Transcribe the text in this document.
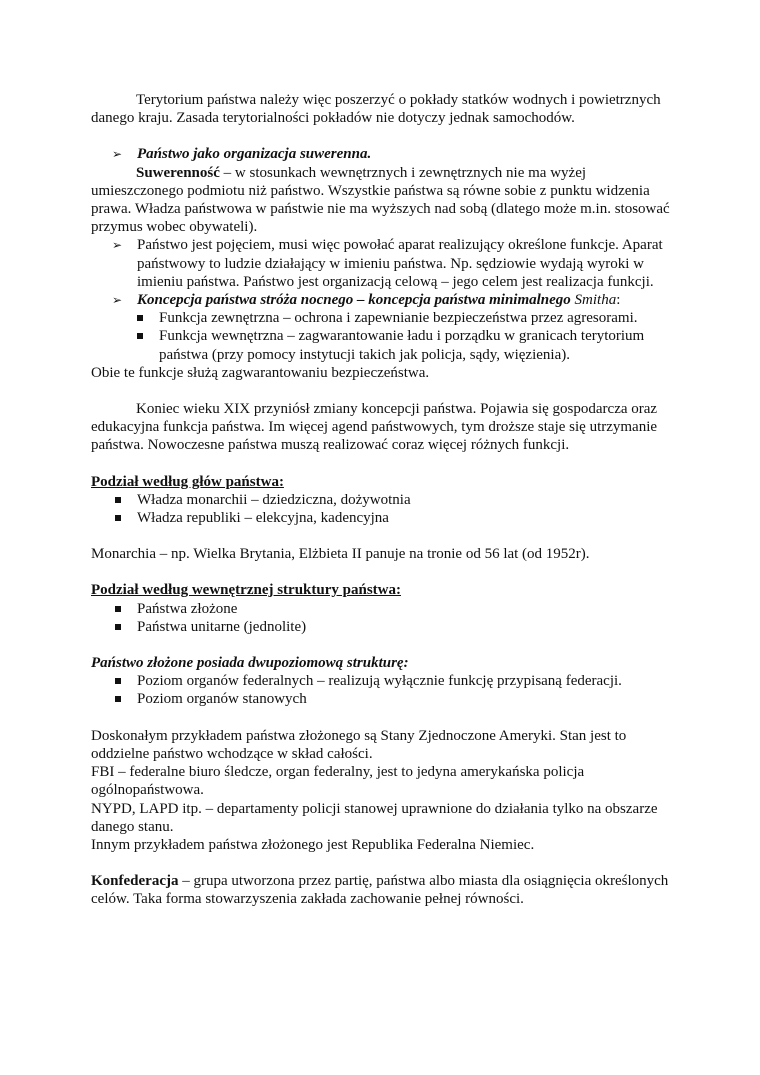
Terytorium państwa należy więc poszerzyć o pokłady statków wodnych i powietrznych danego kraju. Zasada terytorialności pokładów nie dotyczy jednak samochodów.

➢ Państwo jako organizacja suwerenna.

Suwerenność – w stosunkach wewnętrznych i zewnętrznych nie ma wyżej umieszczonego podmiotu niż państwo. Wszystkie państwa są równe sobie z punktu widzenia prawa. Władza państwowa w państwie nie ma wyższych nad sobą (dlatego może m.in. stosować przymus wobec obywateli).

➢ Państwo jest pojęciem, musi więc powołać aparat realizujący określone funkcje. Aparat państwowy to ludzie działający w imieniu państwa. Np. sędziowie wydają wyroki w imieniu państwa. Państwo jest organizacją celową – jego celem jest realizacja funkcji.
➢ Koncepcja państwa stróża nocnego – koncepcja państwa minimalnego Smitha:
Funkcja zewnętrzna – ochrona i zapewnianie bezpieczeństwa przez agresorami.
Funkcja wewnętrzna – zagwarantowanie ładu i porządku w granicach terytorium państwa (przy pomocy instytucji takich jak policja, sądy, więzienia).

Obie te funkcje służą zagwarantowaniu bezpieczeństwa.

Koniec wieku XIX przyniósł zmiany koncepcji państwa. Pojawia się gospodarcza oraz edukacyjna funkcja państwa. Im więcej agend państwowych, tym droższe staje się utrzymanie państwa. Nowoczesne państwa muszą realizować coraz więcej różnych funkcji.

Podział według głów państwa:

Władza monarchii – dziedziczna, dożywotnia
Władza republiki – elekcyjna, kadencyjna

Monarchia – np. Wielka Brytania, Elżbieta II panuje na tronie od 56 lat (od 1952r).

Podział według wewnętrznej struktury państwa:

Państwa złożone
Państwa unitarne (jednolite)

Państwo złożone posiada dwupoziomową strukturę:

Poziom organów federalnych – realizują wyłącznie funkcję przypisaną federacji.
Poziom organów stanowych

Doskonałym przykładem państwa złożonego są Stany Zjednoczone Ameryki. Stan jest to oddzielne państwo wchodzące w skład całości.

FBI – federalne biuro śledcze, organ federalny, jest to jedyna amerykańska policja ogólnopaństwowa.

NYPD, LAPD itp. – departamenty policji stanowej uprawnione do działania tylko na obszarze danego stanu.

Innym przykładem państwa złożonego jest Republika Federalna Niemiec.

Konfederacja – grupa utworzona przez partię, państwa albo miasta dla osiągnięcia określonych celów. Taka forma stowarzyszenia zakłada zachowanie pełnej równości.
